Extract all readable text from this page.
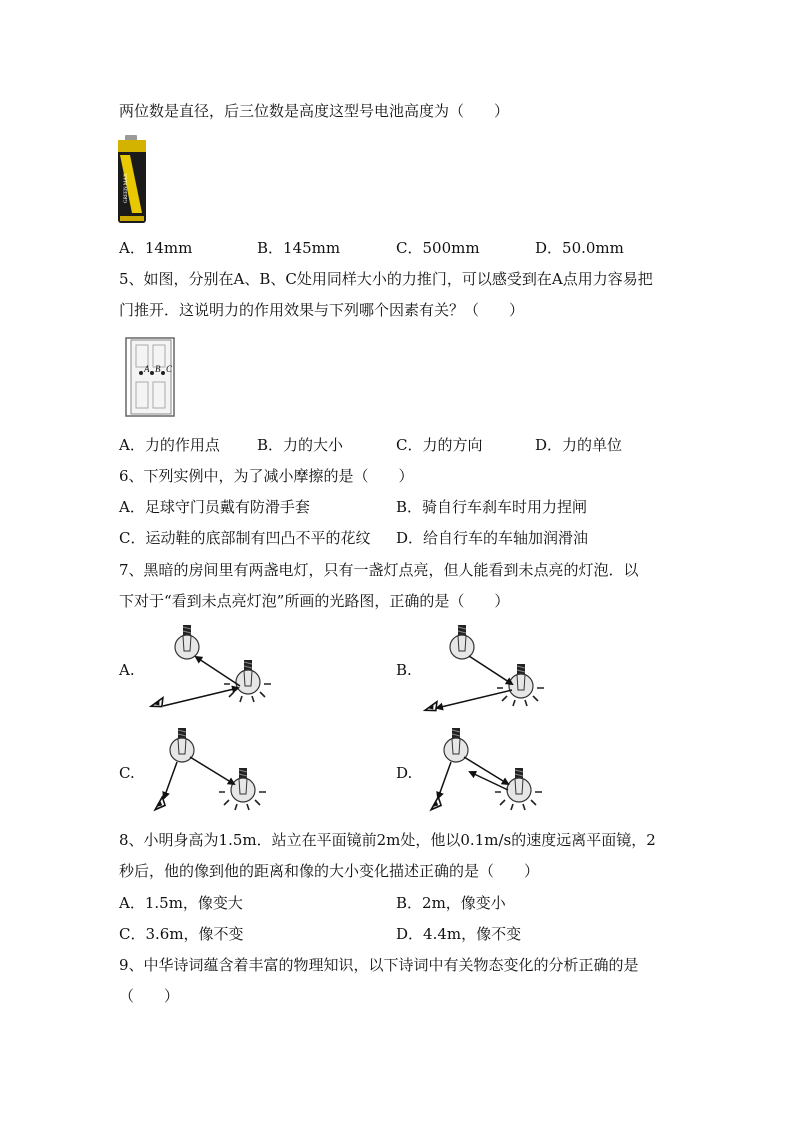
两位数是直径，后三位数是高度这型号电池高度为（　　）
GREEN MAX
A．14mm	B．145mm	C．500mm	D．50.0mm
5、如图，分别在A、B、C处用同样大小的力推门，可以感受到在A点用力容易把
门推开．这说明力的作用效果与下列哪个因素有关？（　　）
A B C
A．力的作用点 B．力的大小	C．力的方向	D．力的单位
6、下列实例中，为了减小摩擦的是（　　）
A．足球守门员戴有防滑手套	B．骑自行车刹车时用力捏闸
C．运动鞋的底部制有凹凸不平的花纹 D．给自行车的车轴加润滑油
7、黑暗的房间里有两盏电灯，只有一盏灯点亮，但人能看到未点亮的灯泡．以
下对于“看到未点亮灯泡”所画的光路图，正确的是（　　）
A.	B.
C.	D.
8、小明身高为1.5m．站立在平面镜前2m处，他以0.1m/s的速度远离平面镜，2
秒后，他的像到他的距离和像的大小变化描述正确的是（　　）
A．1.5m，像变大	B．2m，像变小
C．3.6m，像不变	D．4.4m，像不变
9、中华诗词蕴含着丰富的物理知识，以下诗词中有关物态变化的分析正确的是
（　　）
